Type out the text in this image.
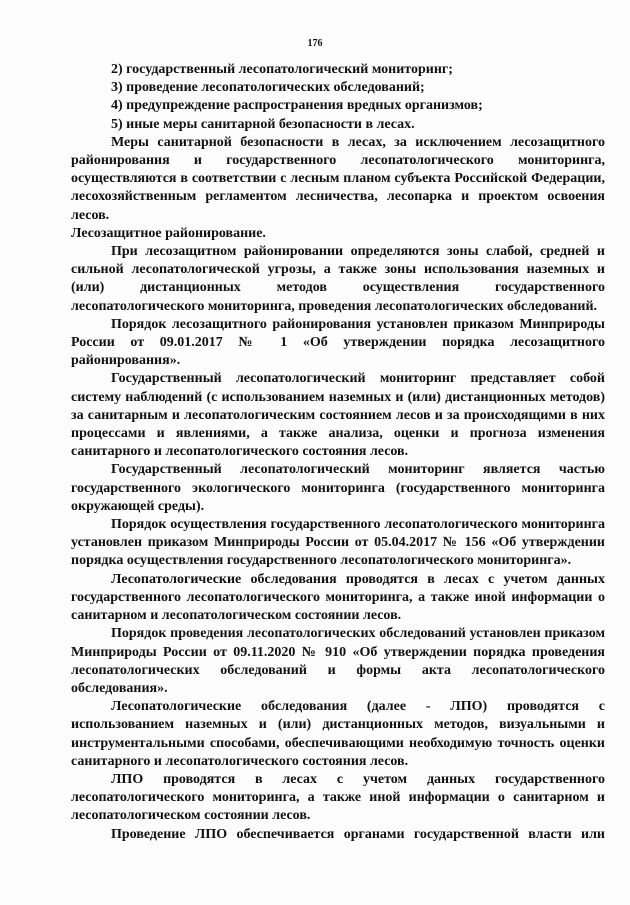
176

2) государственный лесопатологический мониторинг;

3) проведение лесопатологических обследований;

4) предупреждение распространения вредных организмов;

5) иные меры санитарной безопасности в лесах.

Меры санитарной безопасности в лесах, за исключением лесозащитного районирования и государственного лесопатологического мониторинга, осуществляются в соответствии с лесным планом субъекта Российской Федерации, лесохозяйственным регламентом лесничества, лесопарка и проектом освоения лесов.

Лесозащитное районирование.

При лесозащитном районировании определяются зоны слабой, средней и сильной лесопатологической угрозы, а также зоны использования наземных и (или) дистанционных методов осуществления государственного лесопатологического мониторинга, проведения лесопатологических обследований.

Порядок лесозащитного районирования установлен приказом Минприроды России от 09.01.2017 № 1 «Об утверждении порядка лесозащитного районирования».

Государственный лесопатологический мониторинг представляет собой систему наблюдений (с использованием наземных и (или) дистанционных методов) за санитарным и лесопатологическим состоянием лесов и за происходящими в них процессами и явлениями, а также анализа, оценки и прогноза изменения санитарного и лесопатологического состояния лесов.

Государственный лесопатологический мониторинг является частью государственного экологического мониторинга (государственного мониторинга окружающей среды).

Порядок осуществления государственного лесопатологического мониторинга установлен приказом Минприроды России от 05.04.2017 № 156 «Об утверждении порядка осуществления государственного лесопатологического мониторинга».

Лесопатологические обследования проводятся в лесах с учетом данных государственного лесопатологического мониторинга, а также иной информации о санитарном и лесопатологическом состоянии лесов.

Порядок проведения лесопатологических обследований установлен приказом Минприроды России от 09.11.2020 № 910 «Об утверждении порядка проведения лесопатологических обследований и формы акта лесопатологического обследования».

Лесопатологические обследования (далее - ЛПО) проводятся с использованием наземных и (или) дистанционных методов, визуальными и инструментальными способами, обеспечивающими необходимую точность оценки санитарного и лесопатологического состояния лесов.

ЛПО проводятся в лесах с учетом данных государственного лесопатологического мониторинга, а также иной информации о санитарном и лесопатологическом состоянии лесов.

Проведение ЛПО обеспечивается органами государственной власти или
